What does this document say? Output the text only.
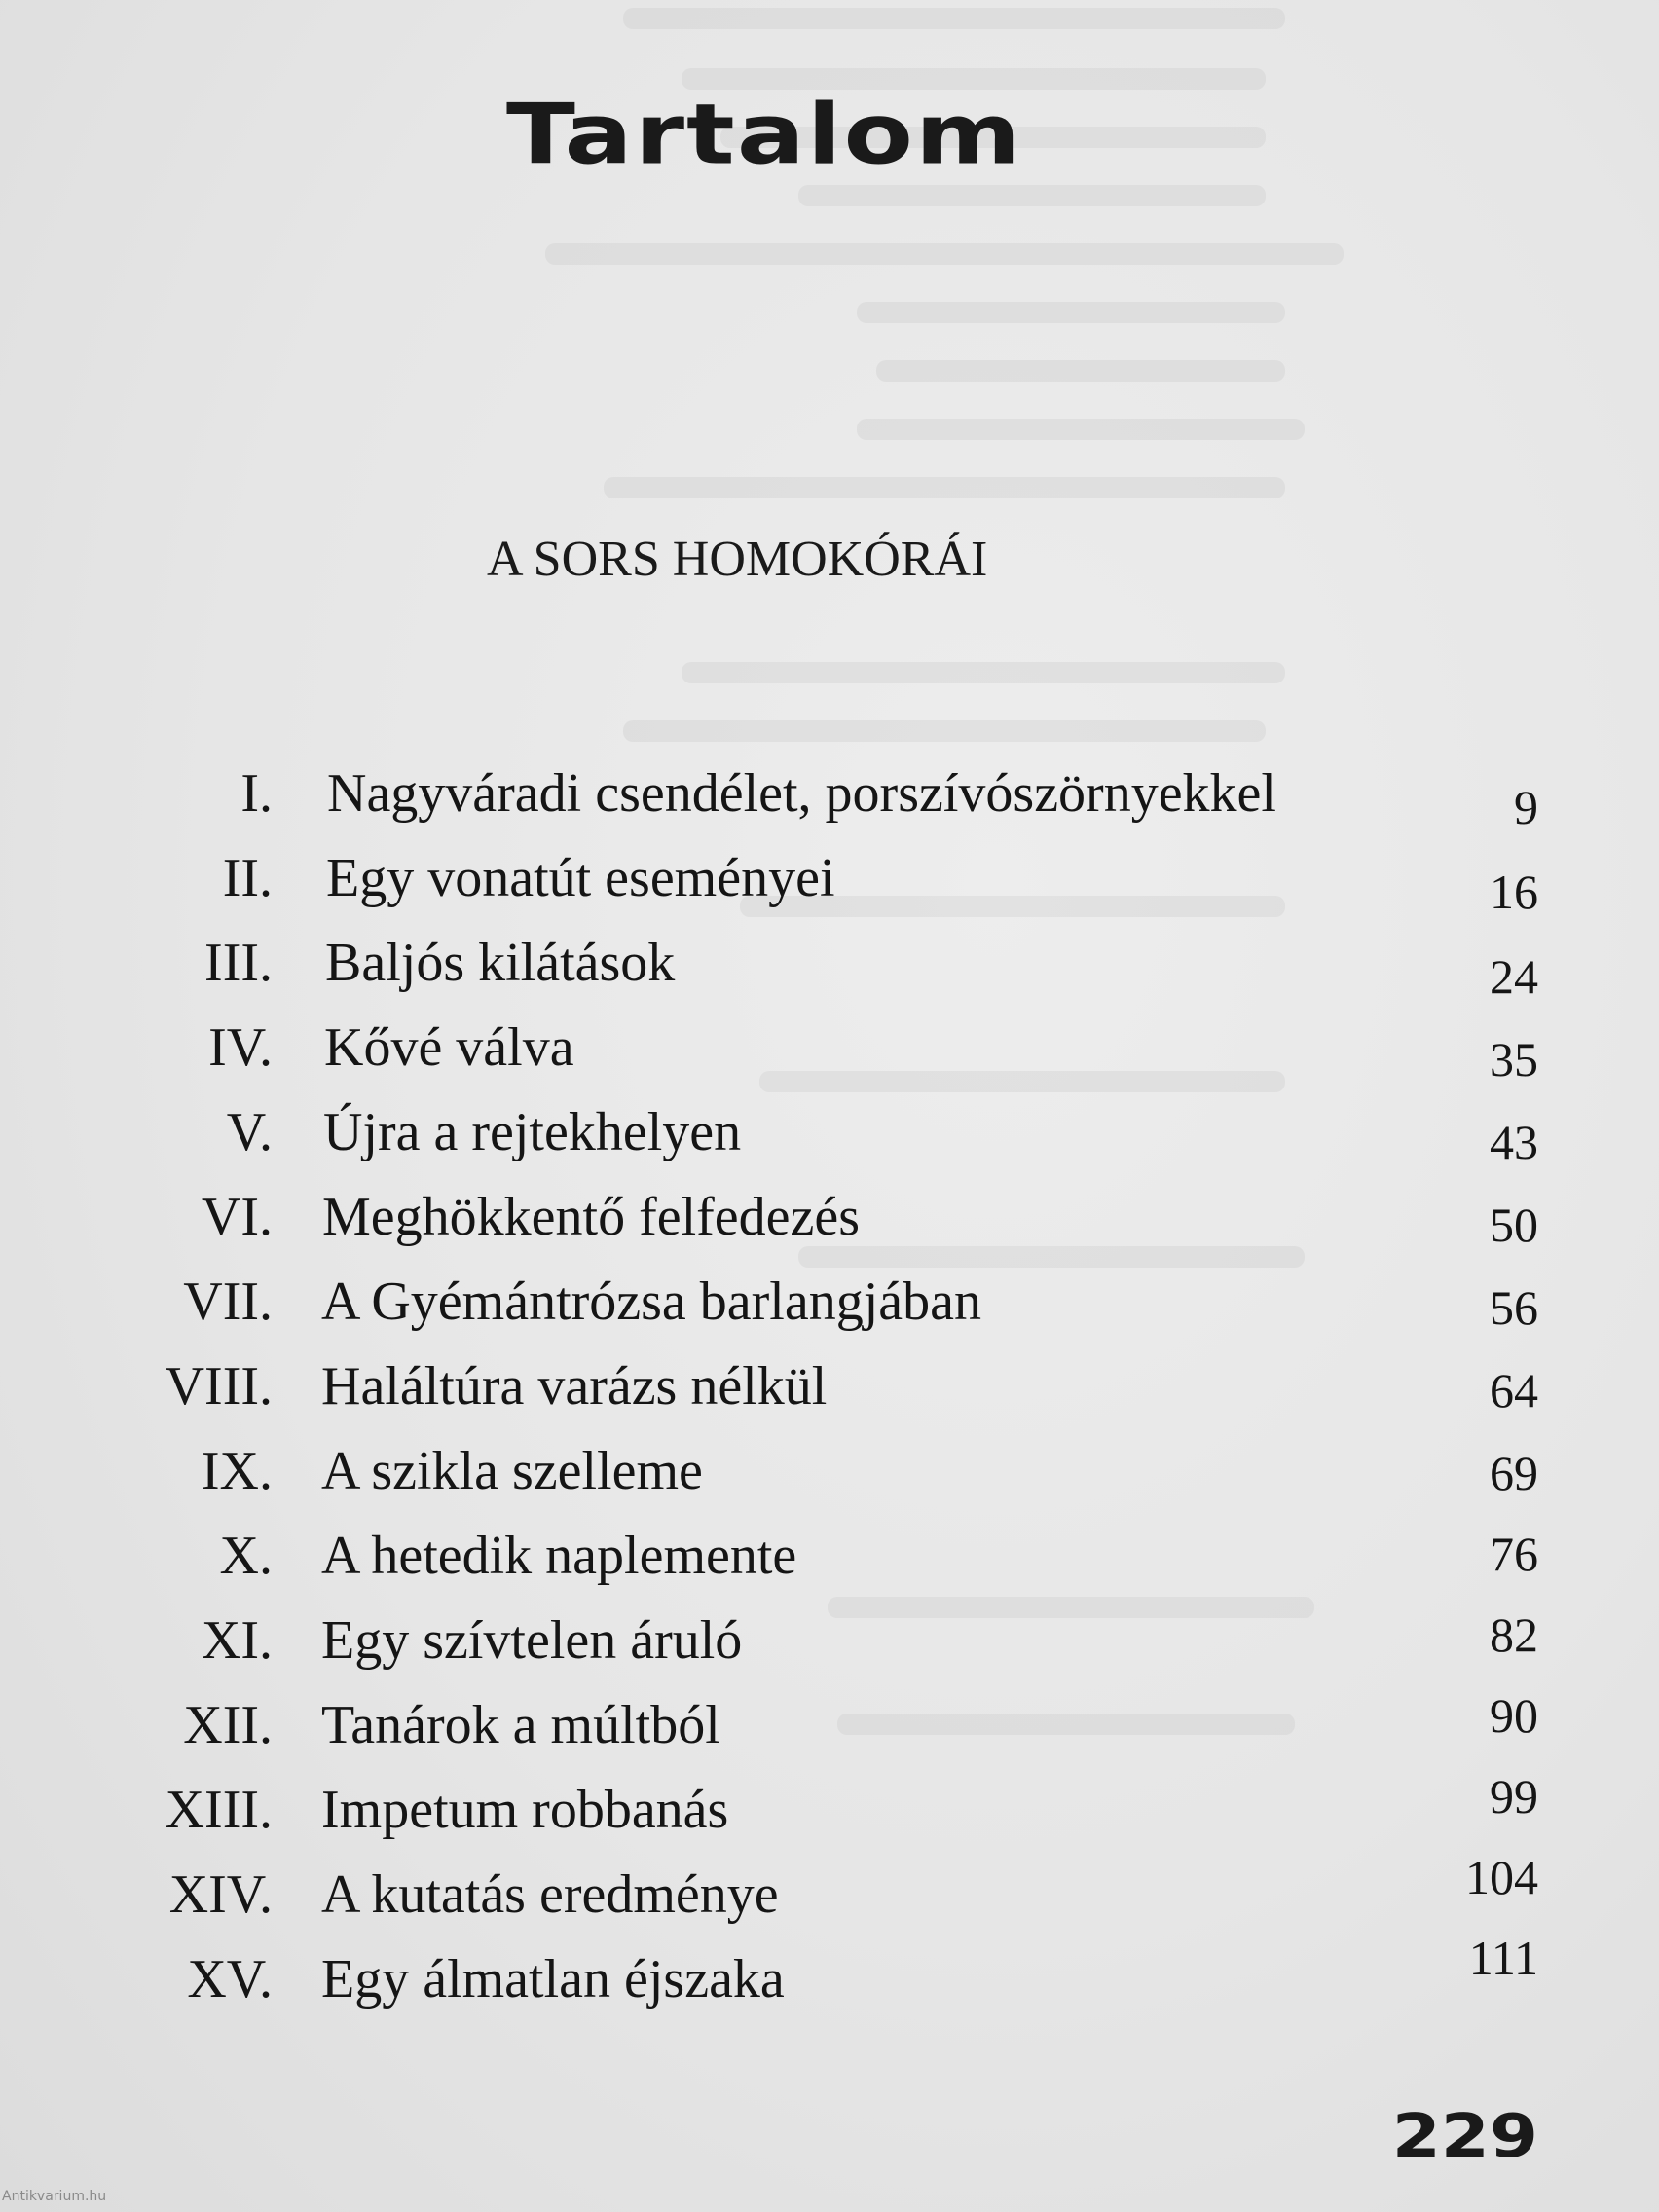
Tartalom
A SORS HOMOKÓRÁI
I. Nagyváradi csendélet, porszívószörnyekkel	9
II. Egy vonatút eseményei	16
III. Baljós kilátások	24
IV. Kővé válva	35
V. Újra a rejtekhelyen	43
VI. Meghökkentő felfedezés	50
VII. A Gyémántrózsa barlangjában	56
VIII. Haláltúra varázs nélkül	64
IX. A szikla szelleme	69
X. A hetedik naplemente	76
XI. Egy szívtelen áruló	82
XII. Tanárok a múltból	90
XIII. Impetum robbanás	99
XIV. A kutatás eredménye	104
XV. Egy álmatlan éjszaka	111
229
Antikvarium.hu
